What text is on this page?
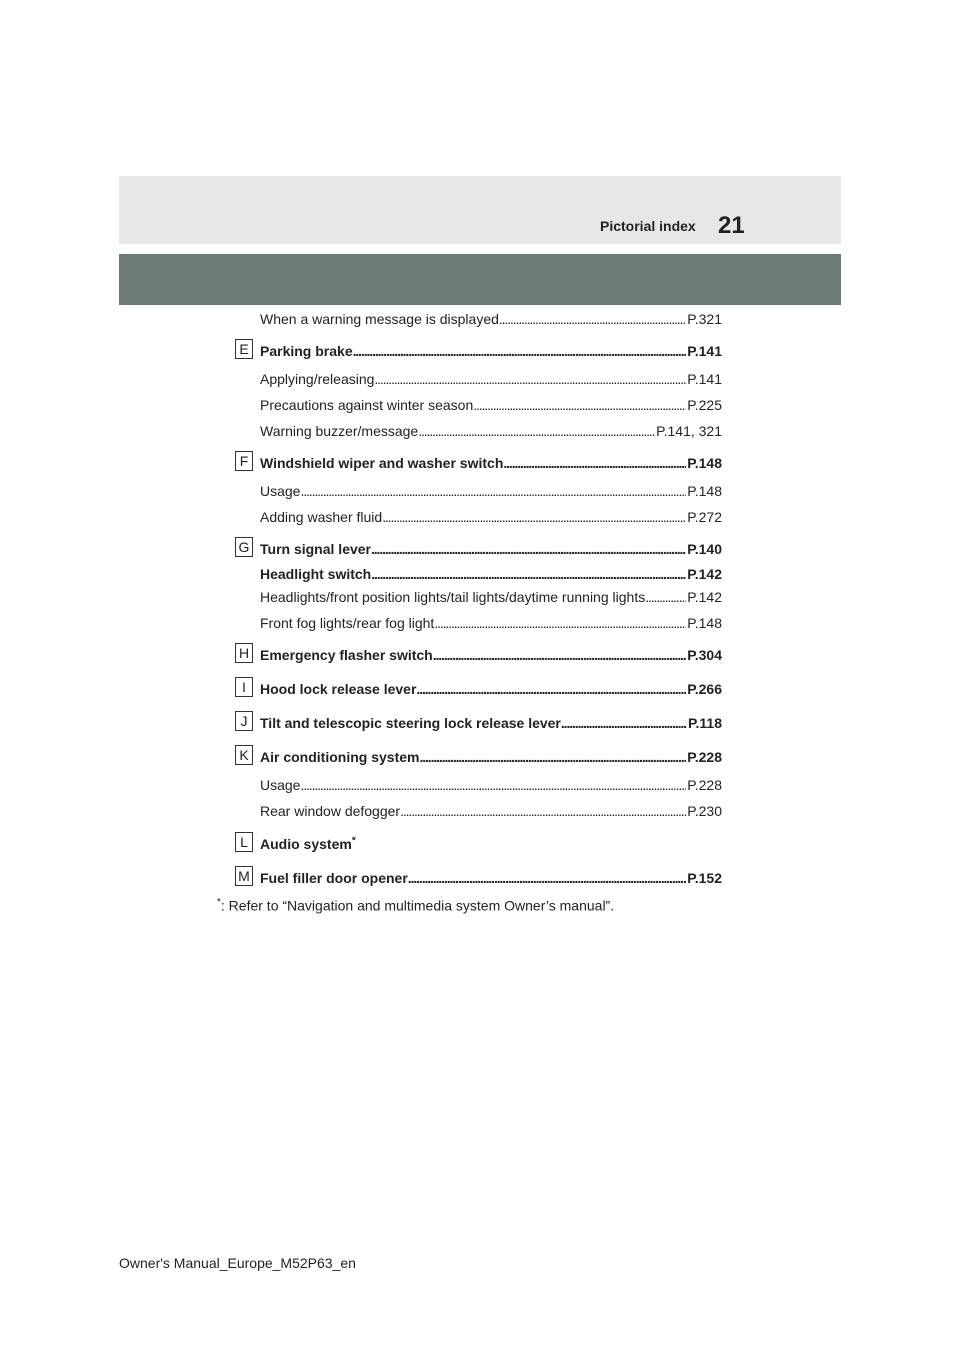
Pictorial index 21
When a warning message is displayed . . .	P.321
E Parking brake . . .	P.141
Applying/releasing . . .	P.141
Precautions against winter season . . .	P.225
Warning buzzer/message . . .	P.141, 321
F Windshield wiper and washer switch . . .	P.148
Usage . . .	P.148
Adding washer fluid . . .	P.272
G Turn signal lever . . .	P.140
Headlight switch . . .	P.142
Headlights/front position lights/tail lights/daytime running lights . . .	P.142
Front fog lights/rear fog light . . .	P.148
H Emergency flasher switch . . .	P.304
I	Hood lock release lever . . .	P.266
J Tilt and telescopic steering lock release lever . . .	P.118
K Air conditioning system . . .	P.228
Usage . . .	P.228
Rear window defogger . . .	P.230
L Audio system*
M Fuel filler door opener . . .	P.152
*: Refer to “Navigation and multimedia system Owner’s manual”.
Owner's Manual_Europe_M52P63_en
